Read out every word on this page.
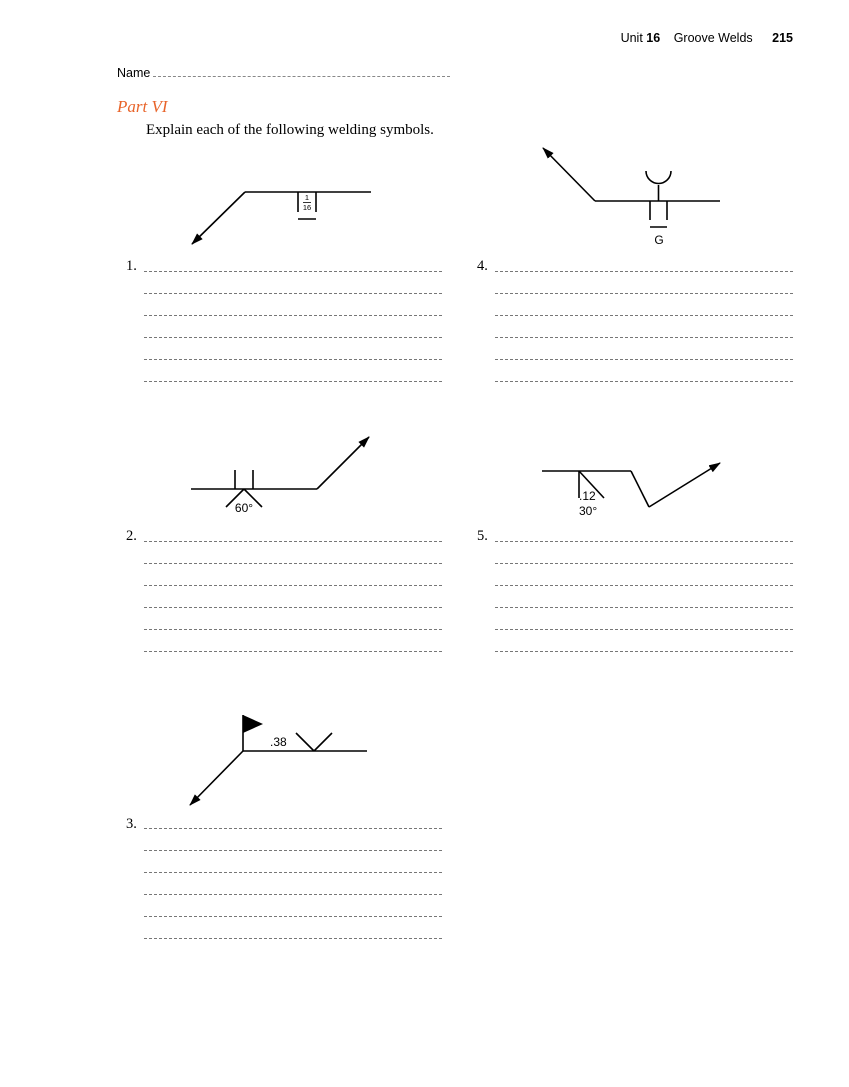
Unit 16 Groove Welds 215
Name
Part VI
Explain each of the following welding symbols.
1
16
G
60°
.12
30°
.38
1.	4.
2.	5.
3.
